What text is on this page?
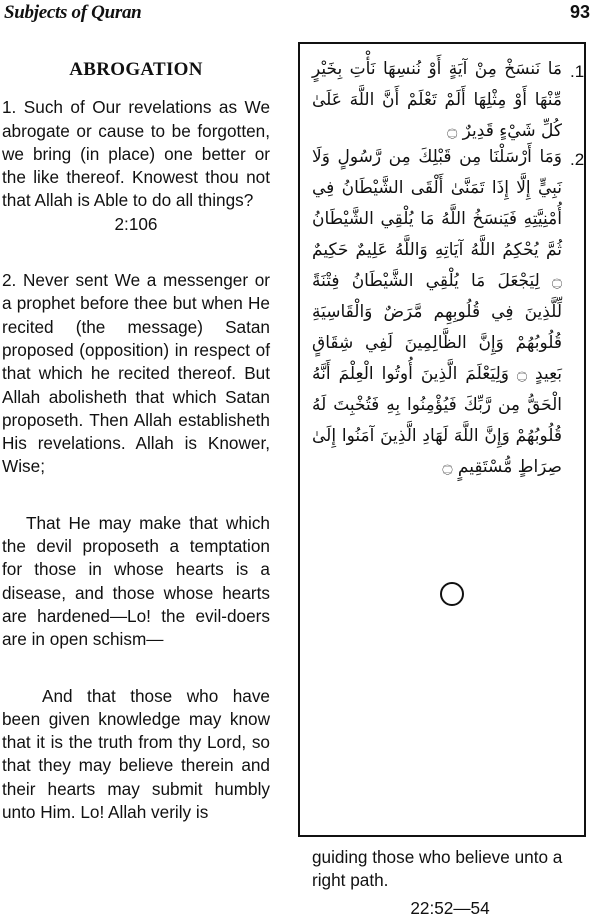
Subjects of Quran	93

ABROGATION

1. Such of Our revelations as We abrogate or cause to be forgotten, we bring (in place) one better or the like thereof. Knowest thou not that Allah is Able to do all things?

2:106

2. Never sent We a messenger or a prophet before thee but when He recited (the message) Satan proposed (opposition) in respect of that which he recited thereof. But Allah abolisheth that which Satan proposeth. Then Allah establisheth His revelations. Allah is Knower, Wise;

That He may make that which the devil proposeth a temptation for those in whose hearts is a disease, and those whose hearts are hardened—Lo! the evil-doers are in open schism—

And that those who have been given knowledge may know that it is the truth from thy Lord, so that they may believe therein and their hearts may submit humbly unto Him. Lo! Allah verily is

.1
مَا نَنسَخْ مِنْ آيَةٍ أَوْ نُنسِهَا نَأْتِ بِخَيْرٍ مِّنْهَا أَوْ مِثْلِهَا أَلَمْ تَعْلَمْ أَنَّ اللَّهَ عَلَىٰ كُلِّ شَيْءٍ قَدِيرٌ ۝
.2
وَمَا أَرْسَلْنَا مِن قَبْلِكَ مِن رَّسُولٍ وَلَا نَبِيٍّ إِلَّا إِذَا تَمَنَّىٰ أَلْقَى الشَّيْطَانُ فِي أُمْنِيَّتِهِ فَيَنسَخُ اللَّهُ مَا يُلْقِي الشَّيْطَانُ ثُمَّ يُحْكِمُ اللَّهُ آيَاتِهِ وَاللَّهُ عَلِيمٌ حَكِيمٌ ۝ لِيَجْعَلَ مَا يُلْقِي الشَّيْطَانُ فِتْنَةً لِّلَّذِينَ فِي قُلُوبِهِم مَّرَضٌ وَالْقَاسِيَةِ قُلُوبُهُمْ وَإِنَّ الظَّالِمِينَ لَفِي شِقَاقٍ بَعِيدٍ ۝ وَلِيَعْلَمَ الَّذِينَ أُوتُوا الْعِلْمَ أَنَّهُ الْحَقُّ مِن رَّبِّكَ فَيُؤْمِنُوا بِهِ فَتُخْبِتَ لَهُ قُلُوبُهُمْ وَإِنَّ اللَّهَ لَهَادِ الَّذِينَ آمَنُوا إِلَىٰ صِرَاطٍ مُّسْتَقِيمٍ ۝

guiding those who believe unto a right path.

22:52—54
